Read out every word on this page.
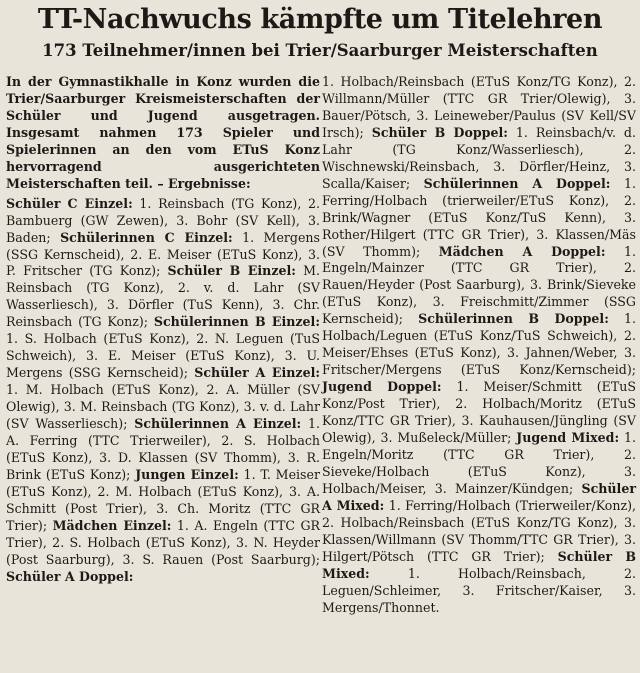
TT-Nachwuchs kämpfte um Titelehren
173 Teilnehmer/innen bei Trier/Saarburger Meisterschaften

In der Gymnastikhalle in Konz wurden die Trier/Saarburger Kreismeisterschaften der Schüler und Jugend ausgetragen. Insgesamt nahmen 173 Spieler und Spielerinnen an den vom ETuS Konz hervorragend ausgerichteten Meisterschaften teil. – Ergebnisse:

Schüler C Einzel: 1. Reinsbach (TG Konz), 2. Bambuerg (GW Zewen), 3. Bohr (SV Kell), 3. Baden; Schülerinnen C Einzel: 1. Mergens (SSG Kernscheid), 2. E. Meiser (ETuS Konz), 3. P. Fritscher (TG Konz); Schüler B Einzel: M. Reinsbach (TG Konz), 2. v. d. Lahr (SV Wasserliesch), 3. Dörfler (TuS Kenn), 3. Chr. Reinsbach (TG Konz); Schülerinnen B Einzel: 1. S. Holbach (ETuS Konz), 2. N. Leguen (TuS Schweich), 3. E. Meiser (ETuS Konz), 3. U. Mergens (SSG Kernscheid); Schüler A Einzel: 1. M. Holbach (ETuS Konz), 2. A. Müller (SV Olewig), 3. M. Reinsbach (TG Konz), 3. v. d. Lahr (SV Wasserliesch); Schülerinnen A Einzel: 1. A. Ferring (TTC Trierweiler), 2. S. Holbach (ETuS Konz), 3. D. Klassen (SV Thomm), 3. R. Brink (ETuS Konz); Jungen Einzel: 1. T. Meiser (ETuS Konz), 2. M. Holbach (ETuS Konz), 3. A. Schmitt (Post Trier), 3. Ch. Moritz (TTC GR Trier); Mädchen Einzel: 1. A. Engeln (TTC GR Trier), 2. S. Holbach (ETuS Konz), 3. N. Heyder (Post Saarburg), 3. S. Rauen (Post Saarburg); Schüler A Doppel:

1. Holbach/Reinsbach (ETuS Konz/TG Konz), 2. Willmann/Müller (TTC GR Trier/Olewig), 3. Bauer/Pötsch, 3. Leineweber/Paulus (SV Kell/SV Irsch); Schüler B Doppel: 1. Reinsbach/v. d. Lahr (TG Konz/Wasserliesch), 2. Wischnewski/Reinsbach, 3. Dörfler/Heinz, 3. Scalla/Kaiser; Schülerinnen A Doppel: 1. Ferring/Holbach (trierweiler/ETuS Konz), 2. Brink/Wagner (ETuS Konz/TuS Kenn), 3. Rother/Hilgert (TTC GR Trier), 3. Klassen/Mäs (SV Thomm); Mädchen A Doppel: 1. Engeln/Mainzer (TTC GR Trier), 2. Rauen/Heyder (Post Saarburg), 3. Brink/Sieveke (ETuS Konz), 3. Freischmitt/Zimmer (SSG Kernscheid); Schülerinnen B Doppel: 1. Holbach/Leguen (ETuS Konz/TuS Schweich), 2. Meiser/Ehses (ETuS Konz), 3. Jahnen/Weber, 3. Fritscher/Mergens (ETuS Konz/Kernscheid); Jugend Doppel: 1. Meiser/Schmitt (ETuS Konz/Post Trier), 2. Holbach/Moritz (ETuS Konz/TTC GR Trier), 3. Kauhausen/Jüngling (SV Olewig), 3. Mußeleck/Müller; Jugend Mixed: 1. Engeln/Moritz (TTC GR Trier), 2. Sieveke/Holbach (ETuS Konz), 3. Holbach/Meiser, 3. Mainzer/Kündgen; Schüler A Mixed: 1. Ferring/Holbach (Trierweiler/Konz), 2. Holbach/Reinsbach (ETuS Konz/TG Konz), 3. Klassen/Willmann (SV Thomm/TTC GR Trier), 3. Hilgert/Pötsch (TTC GR Trier); Schüler B Mixed: 1. Holbach/Reinsbach, 2. Leguen/Schleimer, 3. Fritscher/Kaiser, 3. Mergens/Thonnet.
